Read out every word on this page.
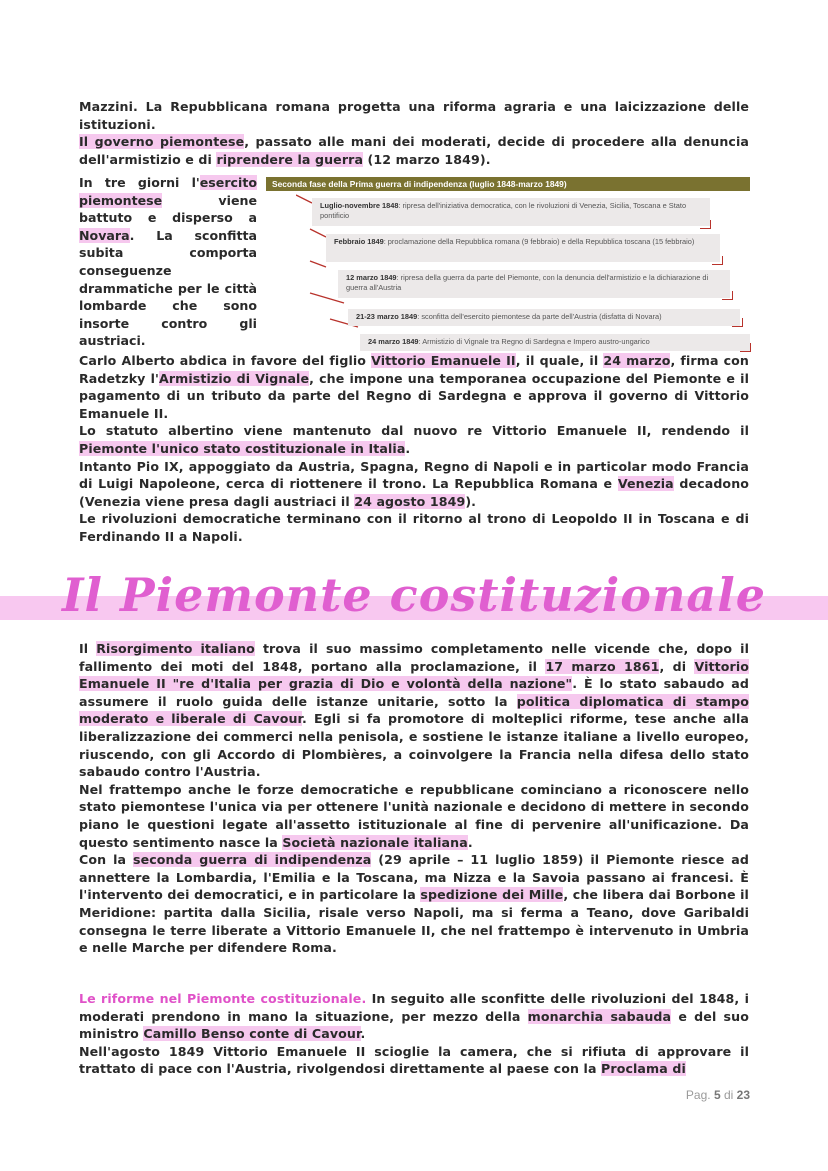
Mazzini. La Repubblicana romana progetta una riforma agraria e una laicizzazione delle istituzioni.
Il governo piemontese, passato alle mani dei moderati, decide di procedere alla denuncia dell'armistizio e di riprendere la guerra (12 marzo 1849).
In tre giorni l'esercito piemontese viene battuto e disperso a Novara. La sconfitta subita comporta conseguenze drammatiche per le città lombarde che sono insorte contro gli austriaci.
Seconda fase della Prima guerra di indipendenza (luglio 1848-marzo 1849)
Luglio-novembre 1848: ripresa dell'iniziativa democratica, con le rivoluzioni di Venezia, Sicilia, Toscana e Stato pontificio
Febbraio 1849: proclamazione della Repubblica romana (9 febbraio) e della Repubblica toscana (15 febbraio)
12 marzo 1849: ripresa della guerra da parte del Piemonte, con la denuncia dell'armistizio e la dichiarazione di guerra all'Austria
21-23 marzo 1849: sconfitta dell'esercito piemontese da parte dell'Austria (disfatta di Novara)
24 marzo 1849: Armistizio di Vignale tra Regno di Sardegna e Impero austro-ungarico
Carlo Alberto abdica in favore del figlio Vittorio Emanuele II, il quale, il 24 marzo, firma con Radetzky l'Armistizio di Vignale, che impone una temporanea occupazione del Piemonte e il pagamento di un tributo da parte del Regno di Sardegna e approva il governo di Vittorio Emanuele II.
Lo statuto albertino viene mantenuto dal nuovo re Vittorio Emanuele II, rendendo il Piemonte l'unico stato costituzionale in Italia.
Intanto Pio IX, appoggiato da Austria, Spagna, Regno di Napoli e in particolar modo Francia di Luigi Napoleone, cerca di riottenere il trono. La Repubblica Romana e Venezia decadono (Venezia viene presa dagli austriaci il 24 agosto 1849).
Le rivoluzioni democratiche terminano con il ritorno al trono di Leopoldo II in Toscana e di Ferdinando II a Napoli.
Il Piemonte costituzionale
Il Risorgimento italiano trova il suo massimo completamento nelle vicende che, dopo il fallimento dei moti del 1848, portano alla proclamazione, il 17 marzo 1861, di Vittorio Emanuele II "re d'Italia per grazia di Dio e volontà della nazione". È lo stato sabaudo ad assumere il ruolo guida delle istanze unitarie, sotto la politica diplomatica di stampo moderato e liberale di Cavour. Egli si fa promotore di molteplici riforme, tese anche alla liberalizzazione dei commerci nella penisola, e sostiene le istanze italiane a livello europeo, riuscendo, con gli Accordo di Plombières, a coinvolgere la Francia nella difesa dello stato sabaudo contro l'Austria.
Nel frattempo anche le forze democratiche e repubblicane cominciano a riconoscere nello stato piemontese l'unica via per ottenere l'unità nazionale e decidono di mettere in secondo piano le questioni legate all'assetto istituzionale al fine di pervenire all'unificazione. Da questo sentimento nasce la Società nazionale italiana.
Con la seconda guerra di indipendenza (29 aprile – 11 luglio 1859) il Piemonte riesce ad annettere la Lombardia, l'Emilia e la Toscana, ma Nizza e la Savoia passano ai francesi. È l'intervento dei democratici, e in particolare la spedizione dei Mille, che libera dai Borbone il Meridione: partita dalla Sicilia, risale verso Napoli, ma si ferma a Teano, dove Garibaldi consegna le terre liberate a Vittorio Emanuele II, che nel frattempo è intervenuto in Umbria e nelle Marche per difendere Roma.
Le riforme nel Piemonte costituzionale. In seguito alle sconfitte delle rivoluzioni del 1848, i moderati prendono in mano la situazione, per mezzo della monarchia sabauda e del suo ministro Camillo Benso conte di Cavour.
Nell'agosto 1849 Vittorio Emanuele II scioglie la camera, che si rifiuta di approvare il trattato di pace con l'Austria, rivolgendosi direttamente al paese con la Proclama di
Pag. 5 di 23
